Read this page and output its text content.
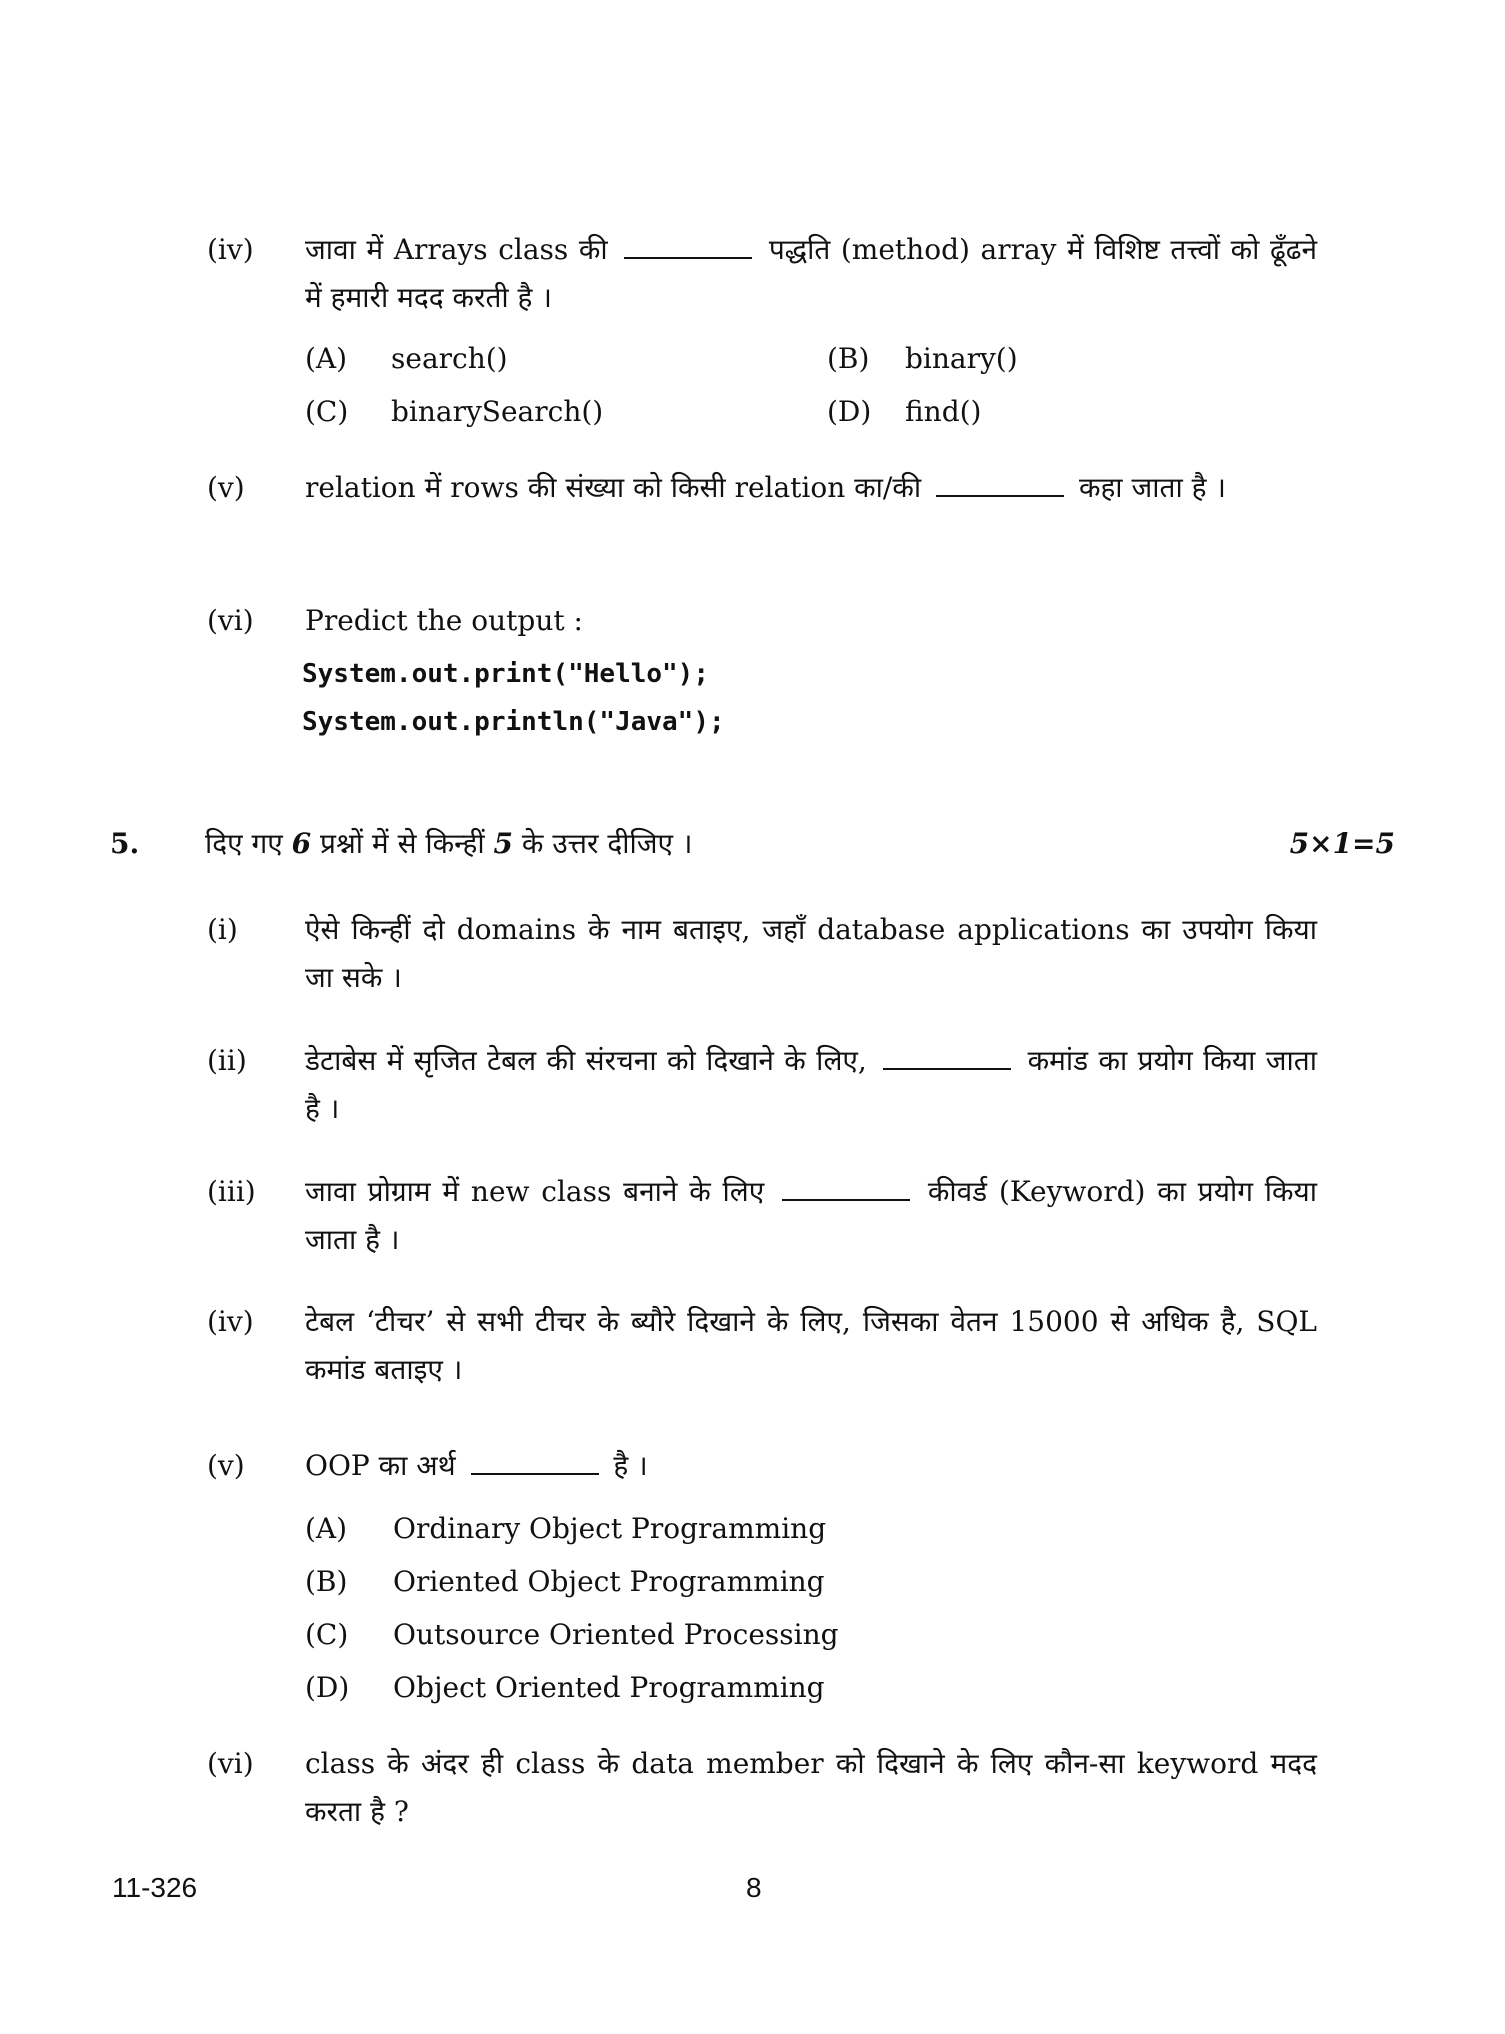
(iv) जावा में Arrays class की	पद्धति (method) array में विशिष्ट तत्त्वों को ढूँढने में हमारी मदद करती है ।
(A) search()	(B) binary()
(C) binarySearch()	(D) find()
(v) relation में rows की संख्या को किसी relation का/की	कहा जाता है ।
(vi) Predict the output :
System.out.print("Hello");
System.out.println("Java");
5. दिए गए 6 प्रश्नों में से किन्हीं 5 के उत्तर दीजिए ।	5×1=5
(i) ऐसे किन्हीं दो domains के नाम बताइए, जहाँ database applications का उपयोग किया जा सके ।
(ii) डेटाबेस में सृजित टेबल की संरचना को दिखाने के लिए,	कमांड का प्रयोग किया जाता है ।
(iii) जावा प्रोग्राम में new class बनाने के लिए	कीवर्ड (Keyword) का प्रयोग किया जाता है ।
(iv) टेबल ‘टीचर’ से सभी टीचर के ब्यौरे दिखाने के लिए, जिसका वेतन 15000 से अधिक है, SQL कमांड बताइए ।
(v) OOP का अर्थ	है ।
(A) Ordinary Object Programming
(B) Oriented Object Programming
(C) Outsource Oriented Processing
(D) Object Oriented Programming
(vi) class के अंदर ही class के data member को दिखाने के लिए कौन-सा keyword मदद करता है ?
11-326	8
